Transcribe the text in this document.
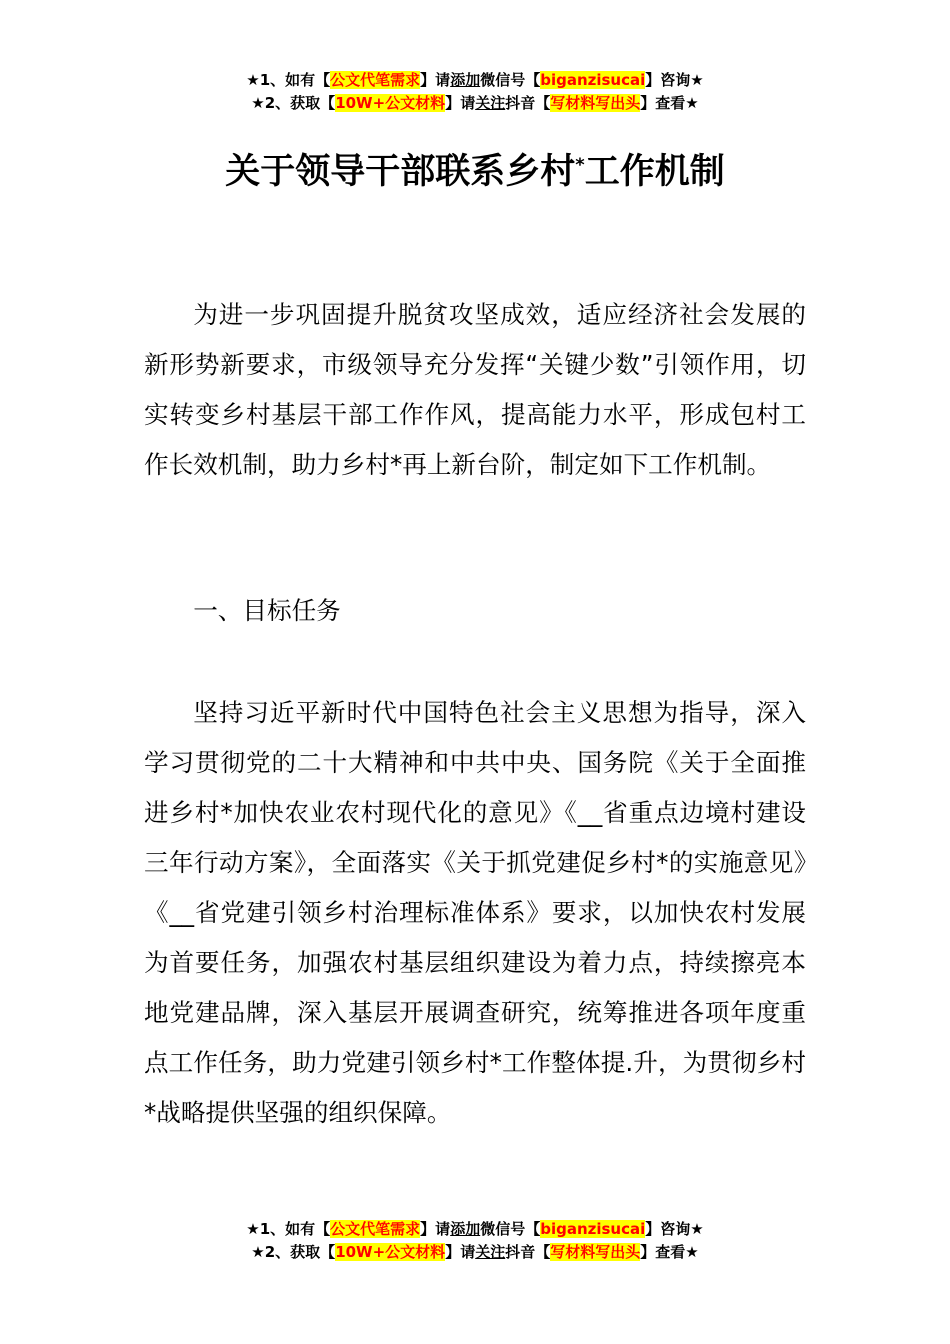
★1、如有【公文代笔需求】请添加微信号【biganzisucai】咨询★
★2、获取【10W+公文材料】请关注抖音【写材料写出头】查看★
关于领导干部联系乡村*工作机制

为进一步巩固提升脱贫攻坚成效，适应经济社会发展的新形势新要求，市级领导充分发挥“关键少数”引领作用，切实转变乡村基层干部工作作风，提高能力水平，形成包村工作长效机制，助力乡村*再上新台阶，制定如下工作机制。

一、目标任务

坚持习近平新时代中国特色社会主义思想为指导，深入学习贯彻党的二十大精神和中共中央、国务院《关于全面推进乡村*加快农业农村现代化的意见》《__省重点边境村建设三年行动方案》，全面落实《关于抓党建促乡村*的实施意见》《__省党建引领乡村治理标准体系》要求，以加快农村发展为首要任务，加强农村基层组织建设为着力点，持续擦亮本地党建品牌，深入基层开展调查研究，统筹推进各项年度重点工作任务，助力党建引领乡村*工作整体提.升，为贯彻乡村*战略提供坚强的组织保障。

★1、如有【公文代笔需求】请添加微信号【biganzisucai】咨询★
★2、获取【10W+公文材料】请关注抖音【写材料写出头】查看★
